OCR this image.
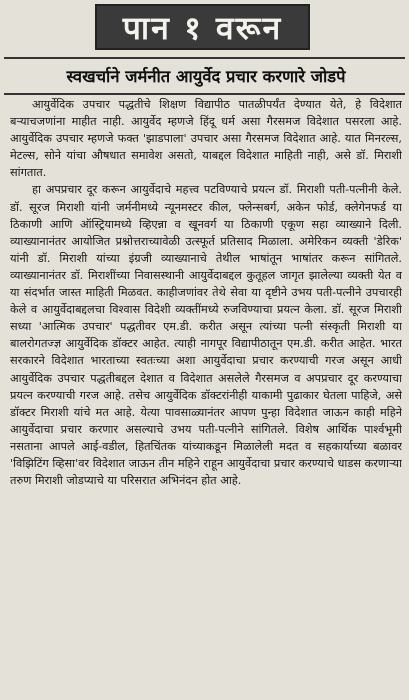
पान १ वरून
स्वखर्चाने जर्मनीत आयुर्वेद प्रचार करणारे जोडपे

आयुर्वेदिक उपचार पद्धतीचे शिक्षण विद्यापीठ पातळीपर्यंत देण्यात येते, हे विदेशात बऱ्याचजणांना माहीत नाही. आयुर्वेद म्हणजे हिंदू धर्म असा गैरसमज विदेशात पसरला आहे. आयुर्वेदिक उपचार म्हणजे फक्त 'झाडपाला' उपचार असा गैरसमज विदेशात आहे. यात मिनरल्स, मेटल्स, सोने यांचा औषधात समावेश असतो, याबद्दल विदेशात माहिती नाही, असे डॉ. मिराशी सांगतात.

हा अपप्रचार दूर करून आयुर्वेदाचे महत्त्व पटविण्याचे प्रयत्न डॉ. मिराशी पती-पत्नीनी केले. डॉ. सूरज मिराशी यांनी जर्मनीमध्ये न्यूनमस्टर कील, फ्लेन्सबर्ग, अकेन फोर्ड, क्लेगेनफर्ड या ठिकाणी आणि ऑस्ट्रियामध्ये व्हिएन्ना व खूनवर्ग या ठिकाणी एकूण सहा व्याख्याने दिली. व्याख्यानानंतर आयोजित प्रश्नोत्तराच्यावेळी उत्स्फूर्त प्रतिसाद मिळाला. अमेरिकन व्यक्ती 'डेरिक' यांनी डॉ. मिराशी यांच्या इंग्रजी व्याख्यानाचे तेथील भाषांतून भाषांतर करून सांगितले. व्याख्यानानंतर डॉ. मिराशींच्या निवासस्थानी आयुर्वेदाबद्दल कुतूहल जागृत झालेल्या व्यक्ती येत व या संदर्भात जास्त माहिती मिळवत. काहीजणांवर तेथे सेवा या दृष्टीने उभय पती-पत्नीने उपचारही केले व आयुर्वेदाबद्दलचा विश्वास विदेशी व्यक्तींमध्ये रुजविण्याचा प्रयत्न केला. डॉ. सूरज मिराशी सध्या 'आत्मिक उपचार' पद्धतीवर एम.डी. करीत असून त्यांच्या पत्नी संस्कृती मिराशी या बालरोगतज्ज्ञ आयुर्वेदिक डॉक्टर आहेत. त्याही नागपूर विद्यापीठातून एम.डी. करीत आहेत. भारत सरकारने विदेशात भारताच्या स्वतःच्या अशा आयुर्वेदाचा प्रचार करण्याची गरज असून आधी आयुर्वेदिक उपचार पद्धतीबद्दल देशात व विदेशात असलेले गैरसमज व अपप्रचार दूर करण्याचा प्रयत्न करण्याची गरज आहे. तसेच आयुर्वेदिक डॉक्टरांनीही याकामी पुढाकार घेतला पाहिजे, असे डॉक्टर मिराशी यांचे मत आहे. येत्या पावसाळ्यानंतर आपण पुन्हा विदेशात जाऊन काही महिने आयुर्वेदाचा प्रचार करणार असल्याचे उभय पती-पत्नीने सांगितले. विशेष आर्थिक पार्श्वभूमी नसताना आपले आई-वडील, हितचिंतक यांच्याकडून मिळालेली मदत व सहकार्याच्या बळावर 'विझिटिंग व्हिसा'वर विदेशात जाऊन तीन महिने राहून आयुर्वेदाचा प्रचार करण्याचे धाडस करणाऱ्या तरुण मिराशी जोडप्याचे या परिसरात अभिनंदन होत आहे.
